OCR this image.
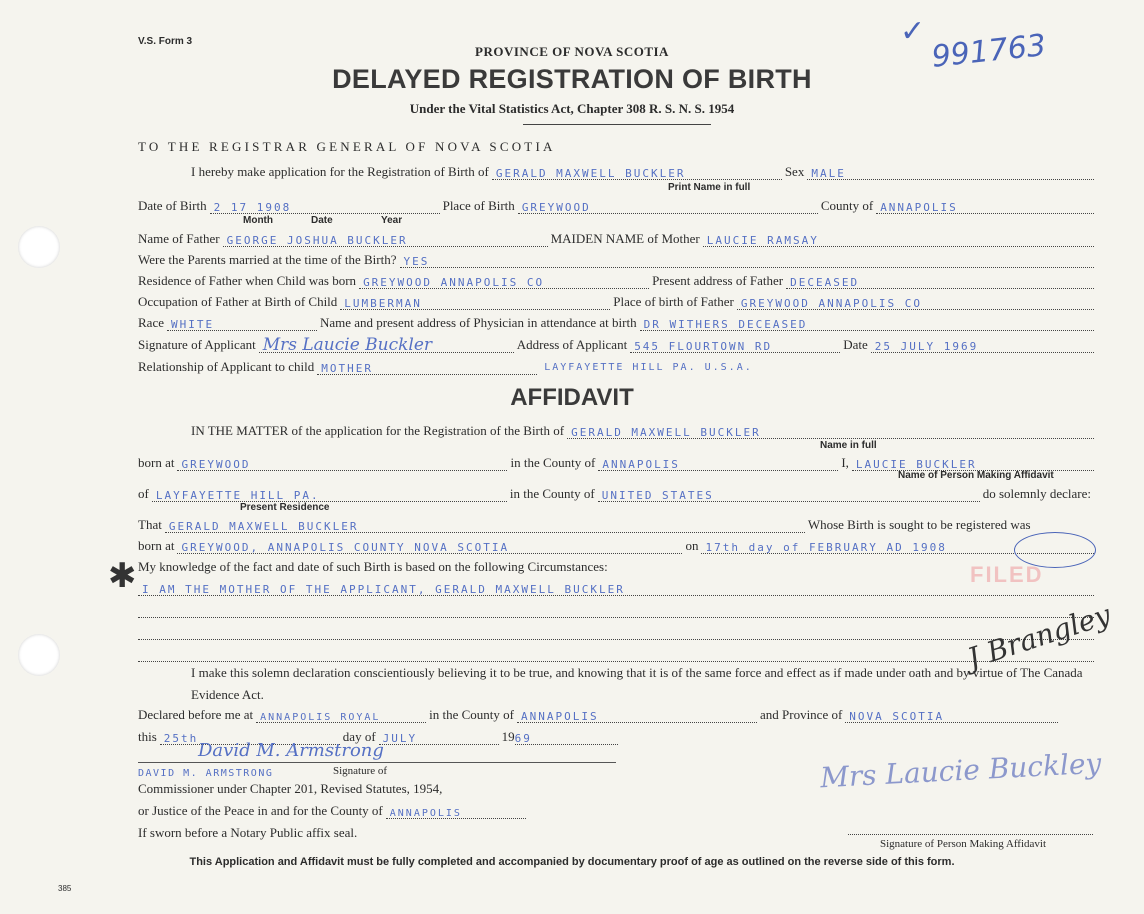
V.S. Form 3	✓ 991763
PROVINCE OF NOVA SCOTIA
DELAYED REGISTRATION OF BIRTH
Under the Vital Statistics Act, Chapter 308 R. S. N. S. 1954
TO THE REGISTRAR GENERAL OF NOVA SCOTIA
I hereby make application for the Registration of Birth of GERALD MAXWELL BUCKLER	Sex MALE
Print Name in full
Date of Birth 2 17 1908	Place of Birth GREYWOOD	County of ANNAPOLIS
Month	Date	Year
Name of Father GEORGE JOSHUA BUCKLER	MAIDEN NAME of Mother LAUCIE RAMSAY
Were the Parents married at the time of the Birth? YES
Residence of Father when Child was born GREYWOOD ANNAPOLIS CO	Present address of Father DECEASED
Occupation of Father at Birth of Child LUMBERMAN	Place of birth of Father GREYWOOD ANNAPOLIS CO
Race WHITE	Name and present address of Physician in attendance at birth DR WITHERS DECEASED
Signature of Applicant Mrs Laucie Buckler	Address of Applicant 545 FLOURTOWN RD	Date 25 JULY 1969
Relationship of Applicant to child MOTHER	LAYFAYETTE HILL PA. U.S.A.
AFFIDAVIT
IN THE MATTER of the application for the Registration of the Birth of GERALD MAXWELL BUCKLER
Name in full
born at GREYWOOD	in the County of ANNAPOLIS	I, LAUCIE BUCKLER
Name of Person Making Affidavit
of LAYFAYETTE HILL PA.	in the County of UNITED STATES	do solemnly declare:
Present Residence
That GERALD MAXWELL BUCKLER	Whose Birth is sought to be registered was
born at GREYWOOD, ANNAPOLIS COUNTY NOVA SCOTIA	on 17th day of FEBRUARY AD 1908
My knowledge of the fact and date of such Birth is based on the following Circumstances:
✱ I AM THE MOTHER OF THE APPLICANT, GERALD MAXWELL BUCKLER
FILED
J Brangley
I make this solemn declaration conscientiously believing it to be true, and knowing that it is of the same force and effect as if made under oath and by virtue of The Canada Evidence Act.
Declared before me at ANNAPOLIS ROYAL	in the County of ANNAPOLIS	and Province of NOVA SCOTIA
this 25th	day of JULY	19 69
David M. Armstrong
DAVID M. ARMSTRONG	Signature of
Commissioner under Chapter 201, Revised Statutes, 1954,
or Justice of the Peace in and for the County of ANNAPOLIS
If sworn before a Notary Public affix seal.
Mrs Laucie Buckley
Signature of Person Making Affidavit
This Application and Affidavit must be fully completed and accompanied by documentary proof of age as outlined on the reverse side of this form.
385
